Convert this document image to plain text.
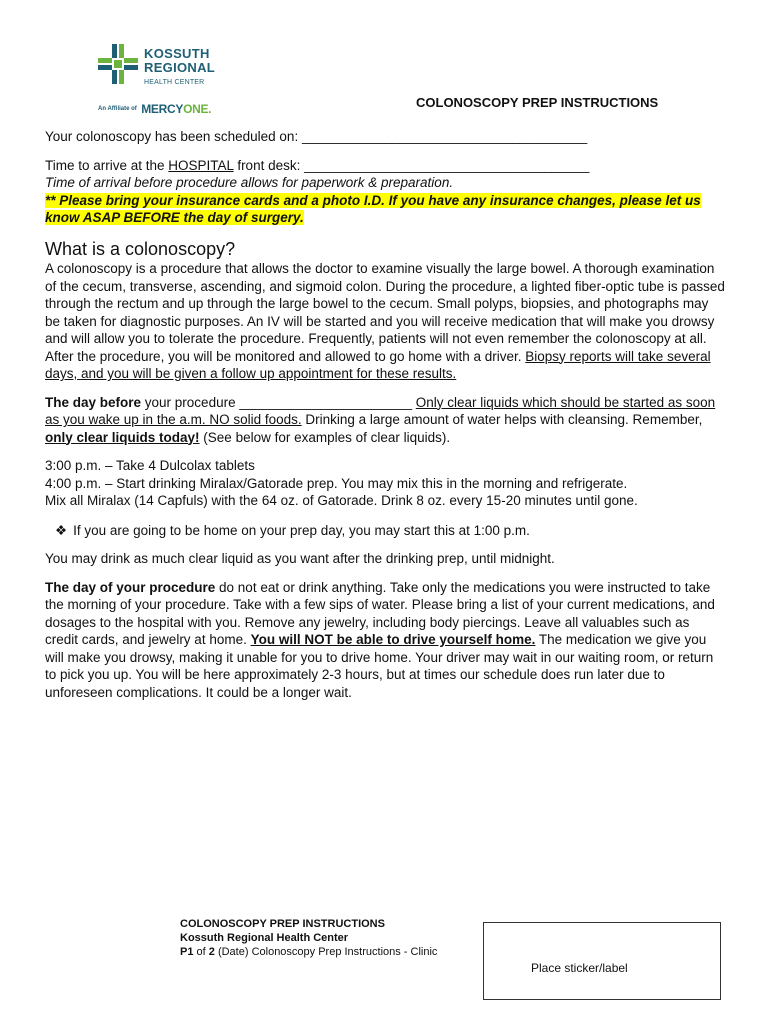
KOSSUTH
REGIONAL
HEALTH CENTER
An Affiliate of MERCYONE.	COLONOSCOPY PREP INSTRUCTIONS

Your colonoscopy has been scheduled on: ______________________________________

Time to arrive at the HOSPITAL front desk: ______________________________________

Time of arrival before procedure allows for paperwork & preparation.

** Please bring your insurance cards and a photo I.D. If you have any insurance changes, please let us know ASAP BEFORE the day of surgery.

What is a colonoscopy?

A colonoscopy is a procedure that allows the doctor to examine visually the large bowel. A thorough examination of the cecum, transverse, ascending, and sigmoid colon. During the procedure, a lighted fiber-optic tube is passed through the rectum and up through the large bowel to the cecum. Small polyps, biopsies, and photographs may be taken for diagnostic purposes. An IV will be started and you will receive medication that will make you drowsy and will allow you to tolerate the procedure. Frequently, patients will not even remember the colonoscopy at all. After the procedure, you will be monitored and allowed to go home with a driver. Biopsy reports will take several days, and you will be given a follow up appointment for these results.

The day before your procedure _______________________ Only clear liquids which should be started as soon as you wake up in the a.m. NO solid foods. Drinking a large amount of water helps with cleansing. Remember, only clear liquids today! (See below for examples of clear liquids).

3:00 p.m. – Take 4 Dulcolax tablets

4:00 p.m. – Start drinking Miralax/Gatorade prep. You may mix this in the morning and refrigerate.

Mix all Miralax (14 Capfuls) with the 64 oz. of Gatorade. Drink 8 oz. every 15-20 minutes until gone.

❖ If you are going to be home on your prep day, you may start this at 1:00 p.m.

You may drink as much clear liquid as you want after the drinking prep, until midnight.

The day of your procedure do not eat or drink anything. Take only the medications you were instructed to take the morning of your procedure. Take with a few sips of water. Please bring a list of your current medications, and dosages to the hospital with you. Remove any jewelry, including body piercings. Leave all valuables such as credit cards, and jewelry at home. You will NOT be able to drive yourself home. The medication we give you will make you drowsy, making it unable for you to drive home. Your driver may wait in our waiting room, or return to pick you up. You will be here approximately 2-3 hours, but at times our schedule does run later due to unforeseen complications. It could be a longer wait.

COLONOSCOPY PREP INSTRUCTIONS
Kossuth Regional Health Center
P1 of 2 (Date) Colonoscopy Prep Instructions - Clinic
Place sticker/label
